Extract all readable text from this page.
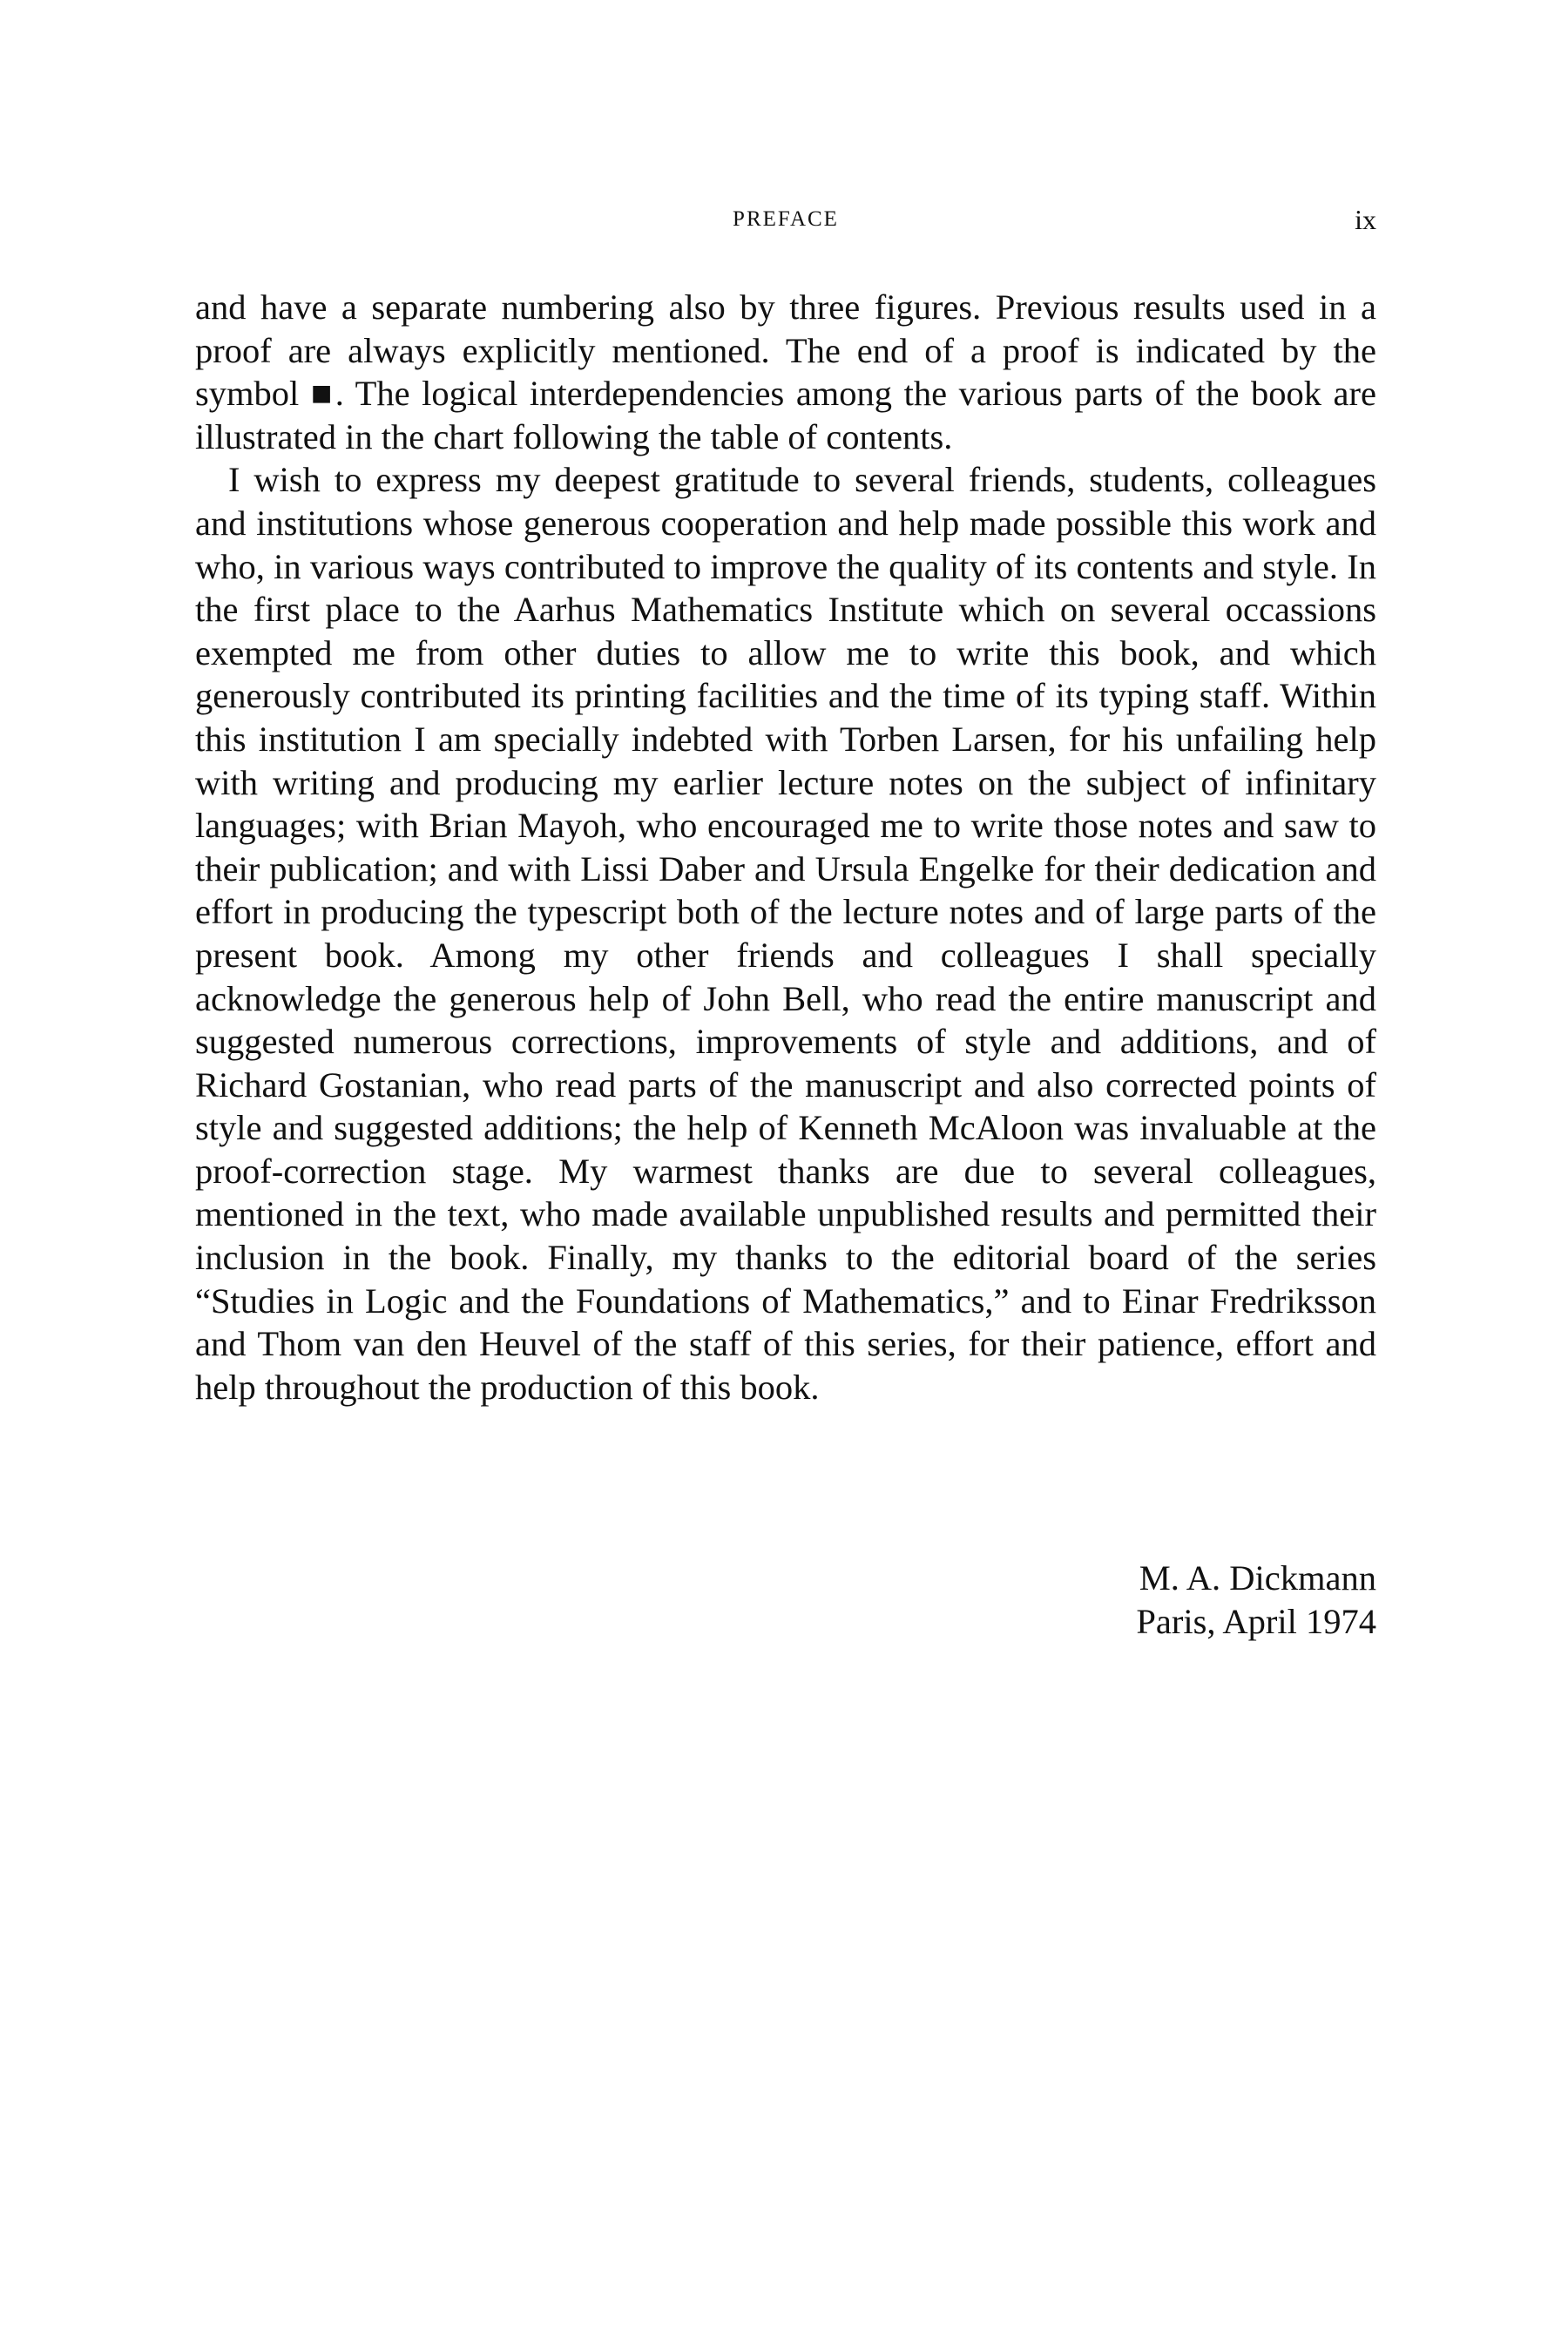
PREFACE	ix

and have a separate numbering also by three figures. Previous results used in a proof are always explicitly mentioned. The end of a proof is indicated by the symbol ■. The logical interdependencies among the various parts of the book are illustrated in the chart following the table of contents.

I wish to express my deepest gratitude to several friends, students, colleagues and institutions whose generous cooperation and help made possible this work and who, in various ways contributed to improve the quality of its contents and style. In the first place to the Aarhus Mathematics Institute which on several occassions exempted me from other duties to allow me to write this book, and which generously contributed its printing facilities and the time of its typing staff. Within this institution I am specially indebted with Torben Larsen, for his unfailing help with writing and producing my earlier lecture notes on the subject of infinitary languages; with Brian Mayoh, who encouraged me to write those notes and saw to their publication; and with Lissi Daber and Ursula Engelke for their dedication and effort in producing the typescript both of the lecture notes and of large parts of the present book. Among my other friends and colleagues I shall specially acknowledge the generous help of John Bell, who read the entire manuscript and suggested numerous corrections, improvements of style and additions, and of Richard Gostanian, who read parts of the manuscript and also corrected points of style and suggested additions; the help of Kenneth McAloon was invaluable at the proof-correction stage. My warmest thanks are due to several colleagues, mentioned in the text, who made available unpublished results and permitted their inclusion in the book. Finally, my thanks to the editorial board of the series “Studies in Logic and the Foundations of Mathematics,” and to Einar Fredriksson and Thom van den Heuvel of the staff of this series, for their patience, effort and help throughout the production of this book.

M. A. Dickmann
Paris, April 1974
